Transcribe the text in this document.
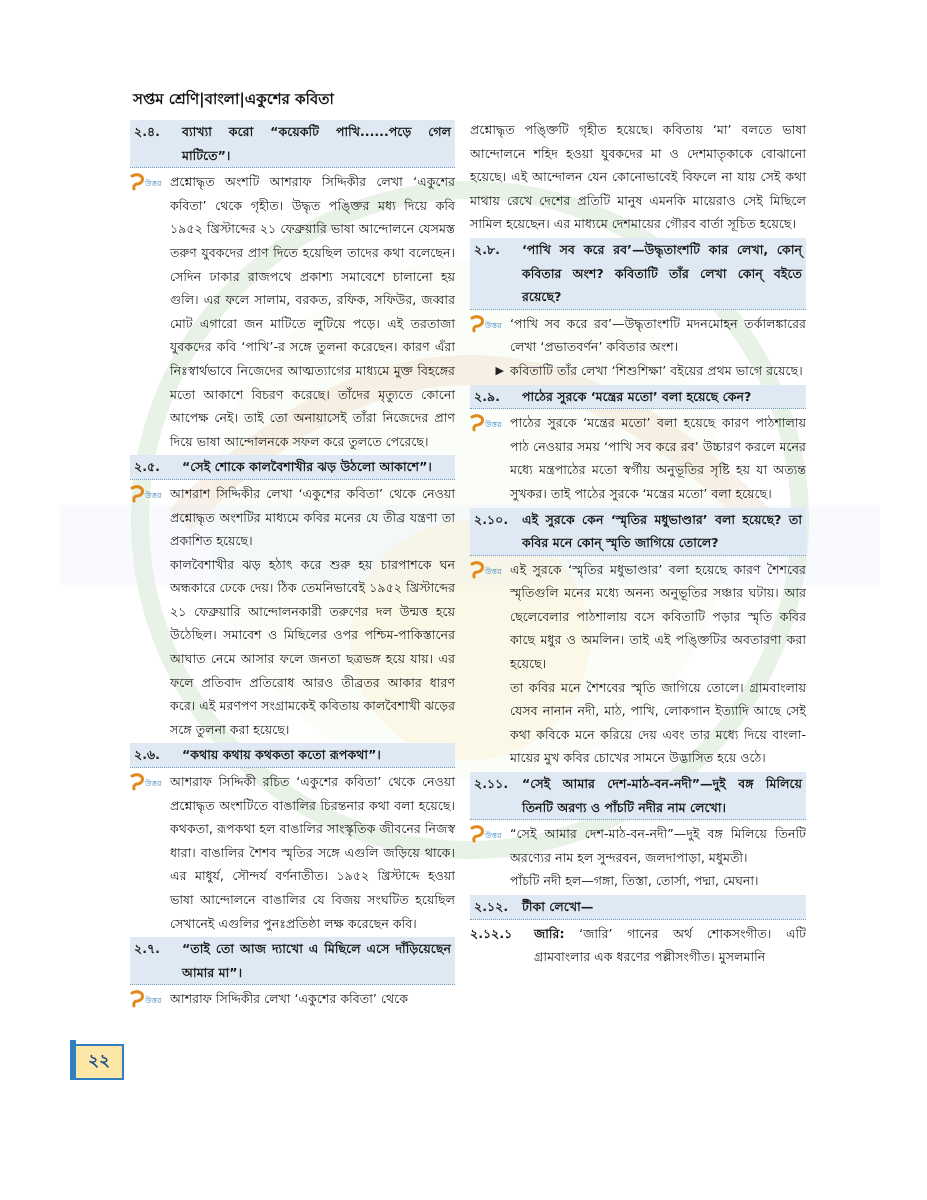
সপ্তম শ্রেণি|বাংলা|একুশের কবিতা
২.৪.	ব্যাখ্যা করো “কয়েকটি পাখি......পড়ে গেল মাটিতে”।
উত্তর প্রশ্নোদ্ধৃত অংশটি আশরাফ সিদ্দিকীর লেখা ‘একুশের কবিতা’ থেকে গৃহীত। উদ্ধৃত পঙ্ক্তির মধ্য দিয়ে কবি ১৯৫২ খ্রিস্টাব্দের ২১ ফেব্রুয়ারি ভাষা আন্দোলনে যেসমস্ত তরুণ যুবকদের প্রাণ দিতে হয়েছিল তাদের কথা বলেছেন। সেদিন ঢাকার রাজপথে প্রকাশ্য সমাবেশে চালানো হয় গুলি। এর ফলে সালাম, বরকত, রফিক, সফিউর, জব্বার মোট এগারো জন মাটিতে লুটিয়ে পড়ে। এই তরতাজা যুবকদের কবি ‘পাখি’-র সঙ্গে তুলনা করেছেন। কারণ এঁরা নিঃস্বার্থভাবে নিজেদের আত্মত্যাগের মাধ্যমে মুক্ত বিহঙ্গের মতো আকাশে বিচরণ করেছে। তাঁদের মৃত্যুতে কোনো আপেক্ষ নেই। তাই তো অনায়াসেই তাঁরা নিজেদের প্রাণ দিয়ে ভাষা আন্দোলনকে সফল করে তুলতে পেরেছে।
২.৫.	“সেই শোকে কালবৈশাখীর ঝড় উঠলো আকাশে”।
উত্তর আশরাশ সিদ্দিকীর লেখা ‘একুশের কবিতা’ থেকে নেওয়া প্রশ্নোদ্ধৃত অংশটির মাধ্যমে কবির মনের যে তীব্র যন্ত্রণা তা প্রকাশিত হয়েছে।
কালবৈশাখীর ঝড় হঠাৎ করে শুরু হয় চারপাশকে ঘন অন্ধকারে ঢেকে দেয়। ঠিক তেমনিভাবেই ১৯৫২ খ্রিস্টাব্দের ২১ ফেব্রুয়ারি আন্দোলনকারী তরুণের দল উন্মত্ত হয়ে উঠেছিল। সমাবেশ ও মিছিলের ওপর পশ্চিম-পাকিস্তানের আঘাত নেমে আসার ফলে জনতা ছত্রভঙ্গ হয়ে যায়। এর ফলে প্রতিবাদ প্রতিরোধ আরও তীব্রতর আকার ধারণ করে। এই মরণপণ সংগ্রামকেই কবিতায় কালবৈশাখী ঝড়ের সঙ্গে তুলনা করা হয়েছে।
২.৬.	“কথায় কথায় কথকতা কতো রূপকথা”।
উত্তর আশরাফ সিদ্দিকী রচিত ‘একুশের কবিতা’ থেকে নেওয়া প্রশ্নোদ্ধৃত অংশটিতে বাঙালির চিরন্তনার কথা বলা হয়েছে। কথকতা, রূপকথা হল বাঙালির সাংস্কৃতিক জীবনের নিজস্ব ধারা। বাঙালির শৈশব স্মৃতির সঙ্গে এগুলি জড়িয়ে থাকে। এর মাধুর্য, সৌন্দর্য বর্ণনাতীত। ১৯৫২ খ্রিস্টাব্দে হওয়া ভাষা আন্দোলনে বাঙালির যে বিজয় সংঘটিত হয়েছিল সেখানেই এগুলির পুনঃপ্রতিষ্ঠা লক্ষ করেছেন কবি।
২.৭.	“তাই তো আজ দ্যাখো এ মিছিলে এসে দাঁড়িয়েছেন আমার মা”।
উত্তর আশরাফ সিদ্দিকীর লেখা ‘একুশের কবিতা’ থেকে
প্রশ্নোদ্ধৃত পঙ্ক্তিটি গৃহীত হয়েছে। কবিতায় ‘মা’ বলতে ভাষা আন্দোলনে শহিদ হওয়া যুবকদের মা ও দেশমাতৃকাকে বোঝানো হয়েছে। এই আন্দোলন যেন কোনোভাবেই বিফলে না যায় সেই কথা মাথায় রেখে দেশের প্রতিটি মানুষ এমনকি মায়েরাও সেই মিছিলে সামিল হয়েছেন। এর মাধ্যমে দেশমায়ের গৌরব বার্তা সূচিত হয়েছে।
২.৮.	‘পাখি সব করে রব’—উদ্ধৃতাংশটি কার লেখা, কোন্ কবিতার অংশ? কবিতাটি তাঁর লেখা কোন্ বইতে রয়েছে?
উত্তর ‘পাখি সব করে রব’—উদ্ধৃতাংশটি মদনমোহন তর্কালঙ্কারের লেখা ‘প্রভাতবর্ণন’ কবিতার অংশ।
▶ কবিতাটি তাঁর লেখা ‘শিশুশিক্ষা’ বইয়ের প্রথম ভাগে রয়েছে।
২.৯.	পাঠের সুরকে ‘মন্ত্রের মতো’ বলা হয়েছে কেন?
উত্তর পাঠের সুরকে ‘মন্ত্রের মতো’ বলা হয়েছে কারণ পাঠশালায় পাঠ নেওয়ার সময় ‘পাখি সব করে রব’ উচ্চারণ করলে মনের মধ্যে মন্ত্রপাঠের মতো স্বর্গীয় অনুভূতির সৃষ্টি হয় যা অত্যন্ত সুখকর। তাই পাঠের সুরকে ‘মন্ত্রের মতো’ বলা হয়েছে।
২.১০.	এই সুরকে কেন ‘স্মৃতির মধুভাণ্ডার’ বলা হয়েছে? তা কবির মনে কোন্ স্মৃতি জাগিয়ে তোলে?
উত্তর এই সুরকে ‘স্মৃতির মধুভাণ্ডার’ বলা হয়েছে কারণ শৈশবের স্মৃতিগুলি মনের মধ্যে অনন্য অনুভূতির সঞ্চার ঘটায়। আর ছেলেবেলার পাঠশালায় বসে কবিতাটি পড়ার স্মৃতি কবির কাছে মধুর ও অমলিন। তাই এই পঙ্ক্তিটির অবতারণা করা হয়েছে।
তা কবির মনে শৈশবের স্মৃতি জাগিয়ে তোলে। গ্রামবাংলায় যেসব নানান নদী, মাঠ, পাখি, লোকগান ইত্যাদি আছে সেই কথা কবিকে মনে করিয়ে দেয় এবং তার মধ্যে দিয়ে বাংলা-মায়ের মুখ কবির চোখের সামনে উদ্ভাসিত হয়ে ওঠে।
২.১১.	“সেই আমার দেশ-মাঠ-বন-নদী”—দুই বঙ্গ মিলিয়ে তিনটি অরণ্য ও পাঁচটি নদীর নাম লেখো।
উত্তর “সেই আমার দেশ-মাঠ-বন-নদী”—দুই বঙ্গ মিলিয়ে তিনটি অরণ্যের নাম হল সুন্দরবন, জলদাপাড়া, মধুমতী।
পাঁচটি নদী হল—গঙ্গা, তিস্তা, তোর্সা, পদ্মা, মেঘনা।
২.১২.	টীকা লেখো—
২.১২.১	জারি: ‘জারি’ গানের অর্থ শোকসংগীত। এটি গ্রামবাংলার এক ধরণের পল্লীসংগীত। মুসলমানি
২২
